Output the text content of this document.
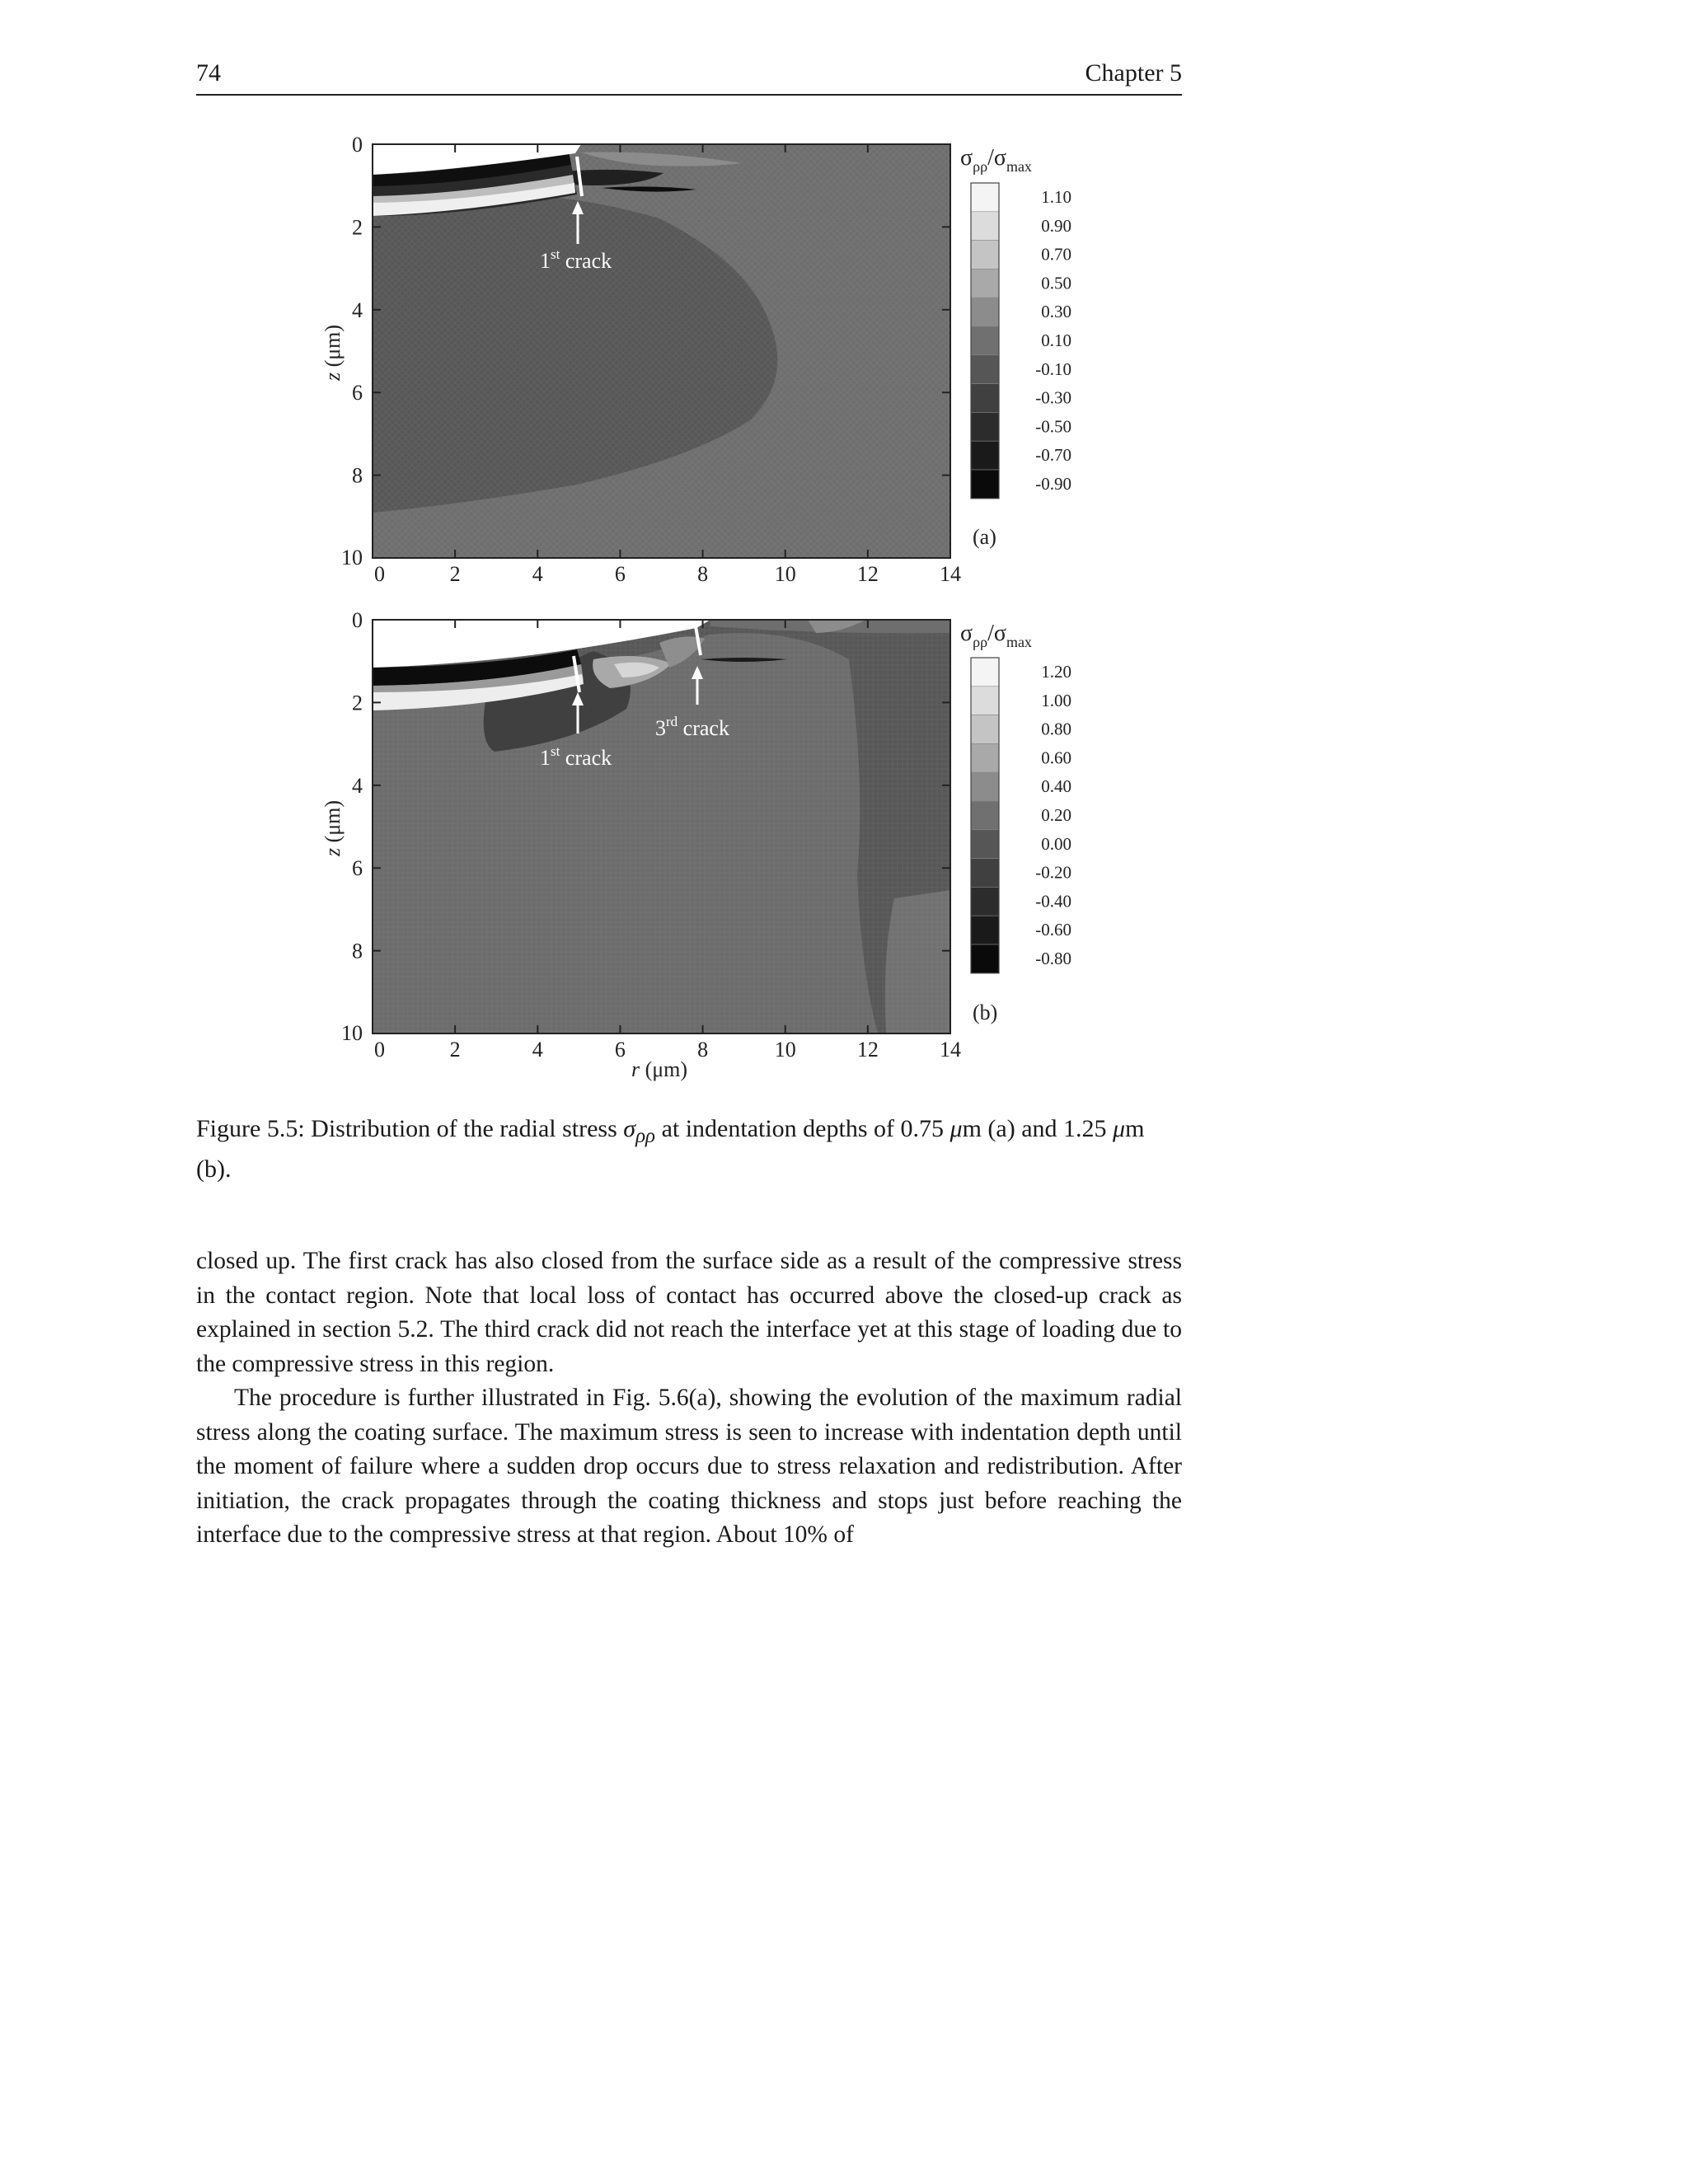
74	Chapter 5
0
2
4
6
8
10
0	2	4	6	8	10	12	14
1st crack
z (μm)
1.10
0.90
0.70
0.50
0.30
0.10
-0.10
-0.30
-0.50
-0.70
-0.90
$\sigma_{\rho\rho}/\sigma_{max}$
(a)
0
2
4
6
8
10
0	2	4	6	8	10	12	14
1st crack
3rd crack
z (μm)
r (μm)
1.20
1.00
0.80
0.60
0.40
0.20
0.00
-0.20
-0.40
-0.60
-0.80
$\sigma_{\rho\rho}/\sigma_{max}$
(b)
Figure 5.5: Distribution of the radial stress $\sigma_{\rho\rho}$ at indentation depths of 0.75 μm (a) and 1.25 μm (b).

closed up. The first crack has also closed from the surface side as a result of the compressive stress in the contact region. Note that local loss of contact has occurred above the closed-up crack as explained in section 5.2. The third crack did not reach the interface yet at this stage of loading due to the compressive stress in this region.

The procedure is further illustrated in Fig. 5.6(a), showing the evolution of the maximum radial stress along the coating surface. The maximum stress is seen to increase with indentation depth until the moment of failure where a sudden drop occurs due to stress relaxation and redistribution. After initiation, the crack propagates through the coating thickness and stops just before reaching the interface due to the compressive stress at that region. About 10% of
